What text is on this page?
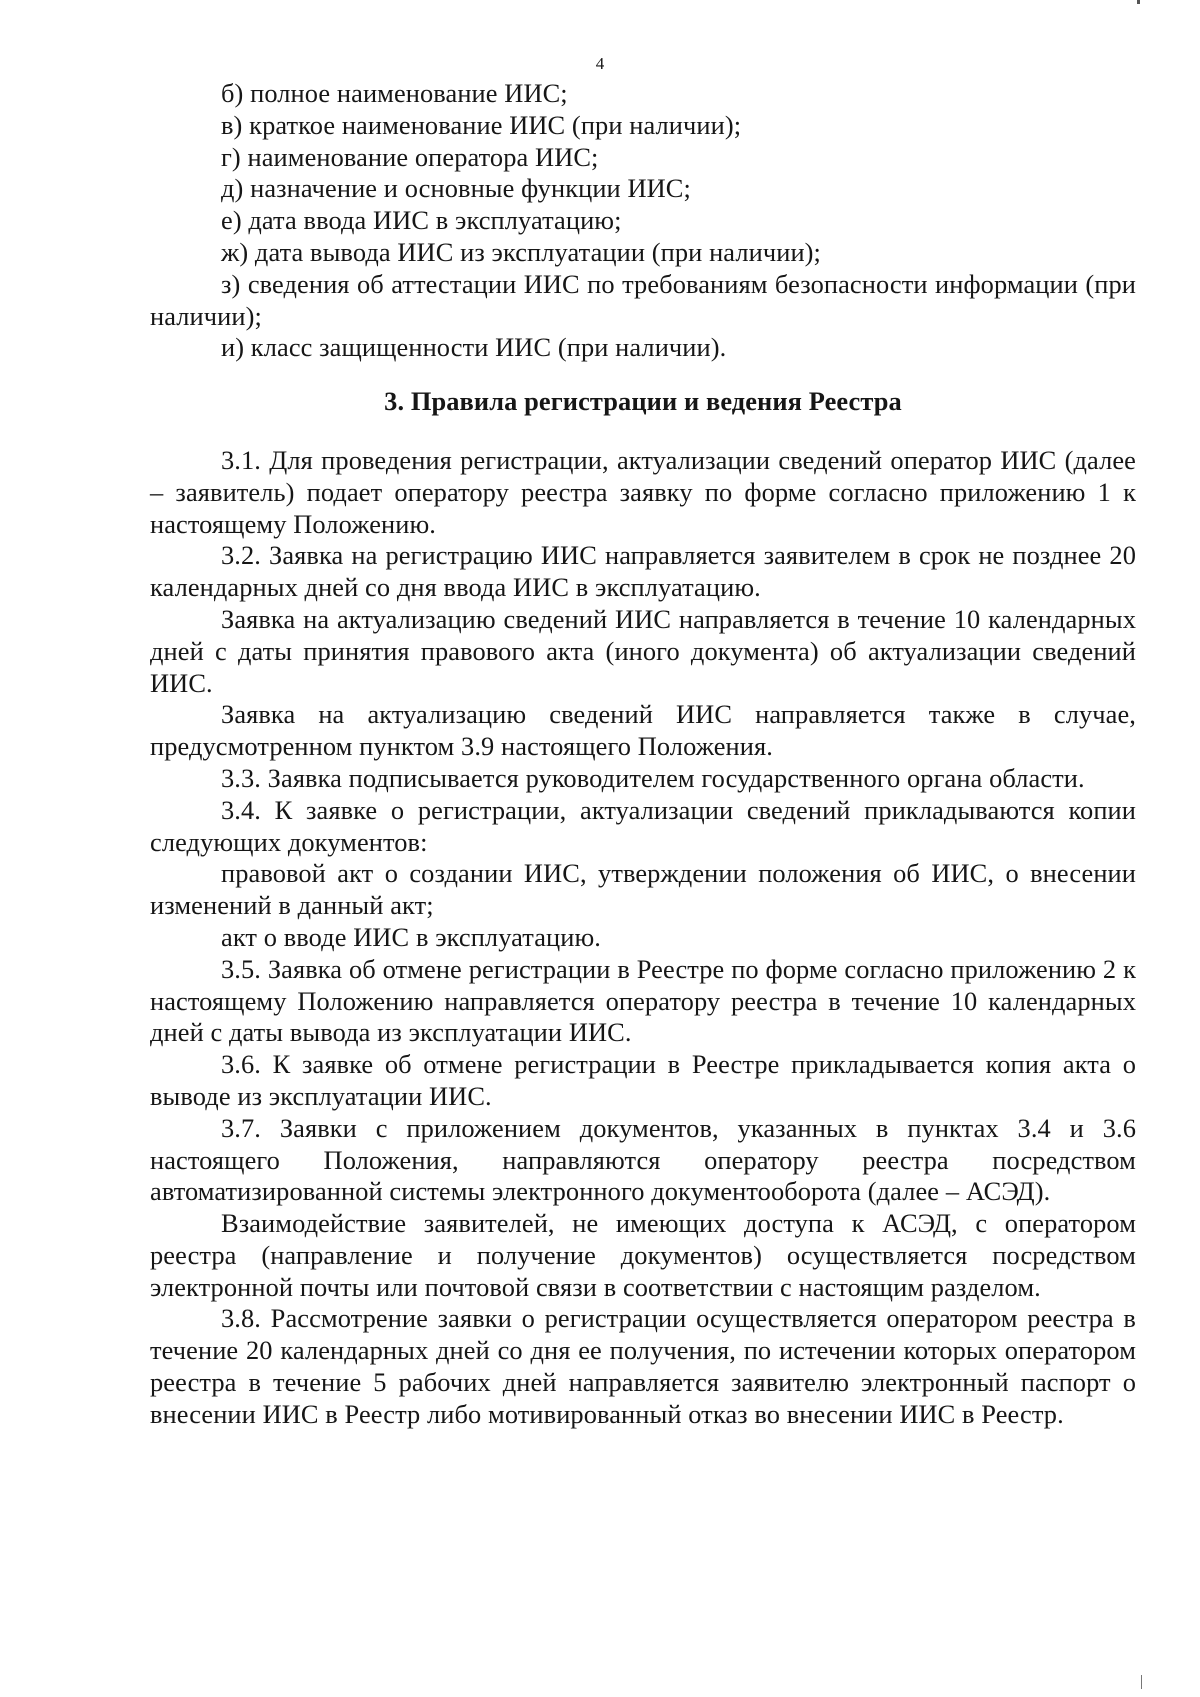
4

б) полное наименование ИИС;

в) краткое наименование ИИС (при наличии);

г) наименование оператора ИИС;

д) назначение и основные функции ИИС;

е) дата ввода ИИС в эксплуатацию;

ж) дата вывода ИИС из эксплуатации (при наличии);

з) сведения об аттестации ИИС по требованиям безопасности информации (при наличии);

и) класс защищенности ИИС (при наличии).

3. Правила регистрации и ведения Реестра

3.1. Для проведения регистрации, актуализации сведений оператор ИИС (далее – заявитель) подает оператору реестра заявку по форме согласно приложению 1 к настоящему Положению.

3.2. Заявка на регистрацию ИИС направляется заявителем в срок не позднее 20 календарных дней со дня ввода ИИС в эксплуатацию.

Заявка на актуализацию сведений ИИС направляется в течение 10 календарных дней с даты принятия правового акта (иного документа) об актуализации сведений ИИС.

Заявка на актуализацию сведений ИИС направляется также в случае, предусмотренном пунктом 3.9 настоящего Положения.

3.3. Заявка подписывается руководителем государственного органа области.

3.4. К заявке о регистрации, актуализации сведений прикладываются копии следующих документов:

правовой акт о создании ИИС, утверждении положения об ИИС, о внесении изменений в данный акт;

акт о вводе ИИС в эксплуатацию.

3.5. Заявка об отмене регистрации в Реестре по форме согласно приложению 2 к настоящему Положению направляется оператору реестра в течение 10 календарных дней с даты вывода из эксплуатации ИИС.

3.6. К заявке об отмене регистрации в Реестре прикладывается копия акта о выводе из эксплуатации ИИС.

3.7. Заявки с приложением документов, указанных в пунктах 3.4 и 3.6 настоящего Положения, направляются оператору реестра посредством автоматизированной системы электронного документооборота (далее – АСЭД).

Взаимодействие заявителей, не имеющих доступа к АСЭД, с оператором реестра (направление и получение документов) осуществляется посредством электронной почты или почтовой связи в соответствии с настоящим разделом.

3.8. Рассмотрение заявки о регистрации осуществляется оператором реестра в течение 20 календарных дней со дня ее получения, по истечении которых оператором реестра в течение 5 рабочих дней направляется заявителю электронный паспорт о внесении ИИС в Реестр либо мотивированный отказ во внесении ИИС в Реестр.
